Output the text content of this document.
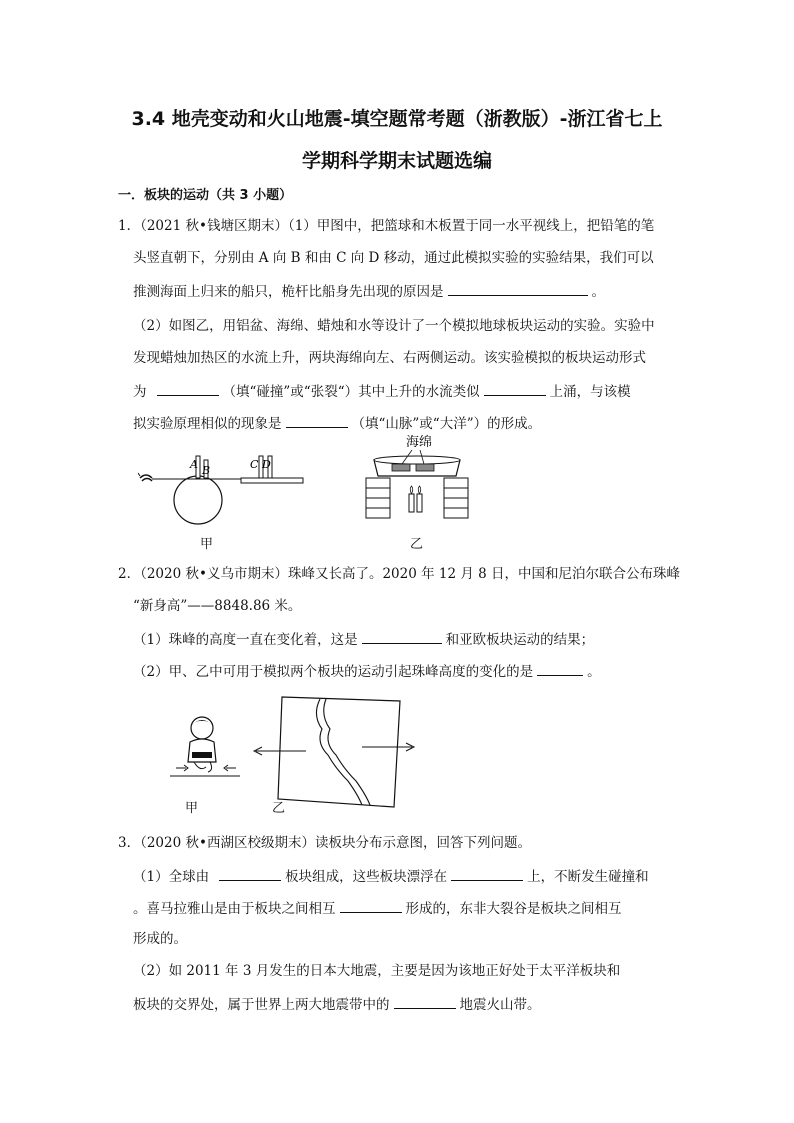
3.4 地壳变动和火山地震-填空题常考题（浙教版）-浙江省七上
学期科学期末试题选编
一．板块的运动（共 3 小题）
1．（2021 秋•钱塘区期末）（1）甲图中，把篮球和木板置于同一水平视线上，把铅笔的笔
头竖直朝下，分别由 A 向 B 和由 C 向 D 移动，通过此模拟实验的实验结果，我们可以
推测海面上归来的船只，桅杆比船身先出现的原因是	。
（2）如图乙，用铝盆、海绵、蜡烛和水等设计了一个模拟地球板块运动的实验。实验中
发现蜡烛加热区的水流上升，两块海绵向左、右两侧运动。该实验模拟的板块运动形式
为	（填“碰撞”或“张裂“）其中上升的水流类似	上涌，与该模
拟实验原理相似的现象是	（填“山脉”或“大洋”）的形成。
A B	C D
甲
海绵
乙
2．（2020 秋•义乌市期末）珠峰又长高了。2020 年 12 月 8 日，中国和尼泊尔联合公布珠峰
“新身高”——8848.86 米。
（1）珠峰的高度一直在变化着，这是	和亚欧板块运动的结果；
（2）甲、乙中可用于模拟两个板块的运动引起珠峰高度的变化的是	。
甲	乙
3．（2020 秋•西湖区校级期末）读板块分布示意图，回答下列问题。
（1）全球由	板块组成，这些板块漂浮在	上，不断发生碰撞和
。喜马拉雅山是由于板块之间相互	形成的，东非大裂谷是板块之间相互
形成的。
（2）如 2011 年 3 月发生的日本大地震，主要是因为该地正好处于太平洋板块和
板块的交界处，属于世界上两大地震带中的	地震火山带。
